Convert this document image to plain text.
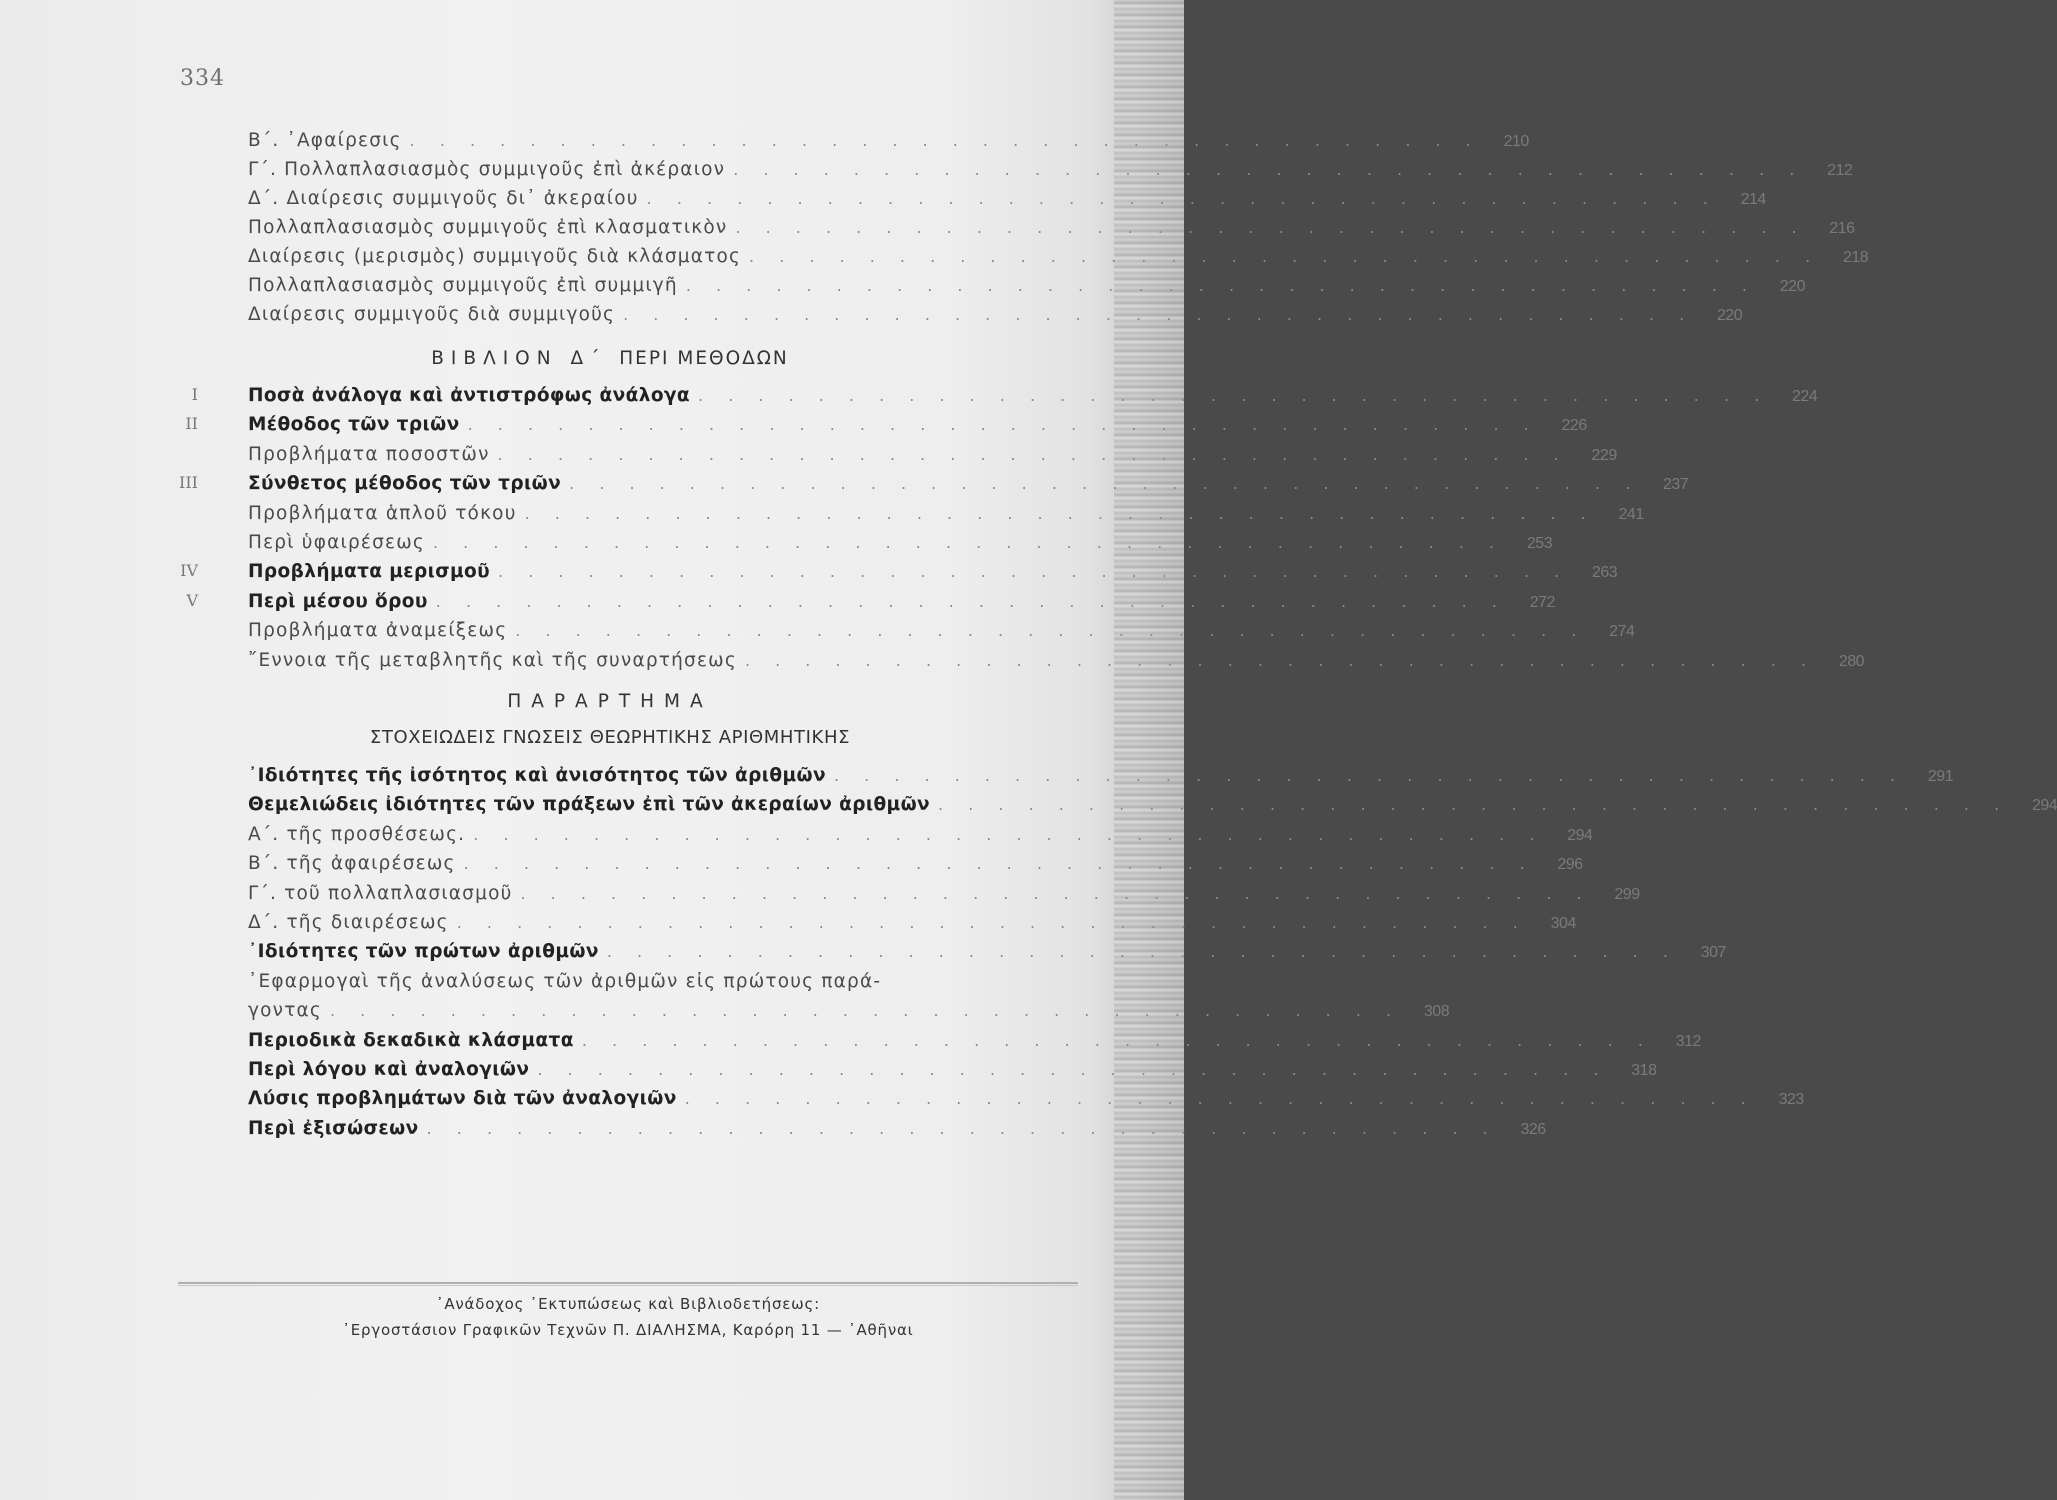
334
Β΄. ᾿Αφαίρεσις . . . . . . . . . . . . . . . . . . . . . . . . . . . . . . . . . . . .	210
Γ΄. Πολλαπλασιασμὸς συμμιγοῦς ἐπὶ ἀκέραιον . . . . . . . . . . . . . . . . . . . . . . . . . . . . . . . . . . . .	212
Δ΄. Διαίρεσις συμμιγοῦς δι᾿ ἀκεραίου . . . . . . . . . . . . . . . . . . . . . . . . . . . . . . . . . . . .	214
Πολλαπλασιασμὸς συμμιγοῦς ἐπὶ κλασματικὸν . . . . . . . . . . . . . . . . . . . . . . . . . . . . . . . . . . . .	216
Διαίρεσις (μερισμὸς) συμμιγοῦς διὰ κλάσματος . . . . . . . . . . . . . . . . . . . . . . . . . . . . . . . . . . . .	218
Πολλαπλασιασμὸς συμμιγοῦς ἐπὶ συμμιγῆ . . . . . . . . . . . . . . . . . . . . . . . . . . . . . . . . . . . .	220
Διαίρεσις συμμιγοῦς διὰ συμμιγοῦς . . . . . . . . . . . . . . . . . . . . . . . . . . . . . . . . . . . .	220
ΒΙΒΛΙΟΝ Δ΄ ΠΕΡΙ ΜΕΘΟΔΩΝ
I	Ποσὰ ἀνάλογα καὶ ἀντιστρόφως ἀνάλογα . . . . . . . . . . . . . . . . . . . . . . . . . . . . . . . . . . . .	224
II	Μέθοδος τῶν τριῶν . . . . . . . . . . . . . . . . . . . . . . . . . . . . . . . . . . . .	226
Προβλήματα ποσοστῶν . . . . . . . . . . . . . . . . . . . . . . . . . . . . . . . . . . . .	229
III	Σύνθετος μέθοδος τῶν τριῶν . . . . . . . . . . . . . . . . . . . . . . . . . . . . . . . . . . . .	237
Προβλήματα ἁπλοῦ τόκου . . . . . . . . . . . . . . . . . . . . . . . . . . . . . . . . . . . .	241
Περὶ ὑφαιρέσεως . . . . . . . . . . . . . . . . . . . . . . . . . . . . . . . . . . . .	253
IV	Προβλήματα μερισμοῦ . . . . . . . . . . . . . . . . . . . . . . . . . . . . . . . . . . . .	263
V	Περὶ μέσου ὅρου . . . . . . . . . . . . . . . . . . . . . . . . . . . . . . . . . . . .	272
Προβλήματα ἀναμείξεως . . . . . . . . . . . . . . . . . . . . . . . . . . . . . . . . . . . .	274
῎Εννοια τῆς μεταβλητῆς καὶ τῆς συναρτήσεως . . . . . . . . . . . . . . . . . . . . . . . . . . . . . . . . . . . .	280
ΠΑΡΑΡΤΗΜΑ
ΣΤΟΧΕΙΩΔΕΙΣ ΓΝΩΣΕΙΣ ΘΕΩΡΗΤΙΚΗΣ ΑΡΙΘΜΗΤΙΚΗΣ
᾿Ιδιότητες τῆς ἰσότητος καὶ ἀνισότητος τῶν ἀριθμῶν . . . . . . . . . . . . . . . . . . . . . . . . . . . . . . . . . . . .	291
Θεμελιώδεις ἰδιότητες τῶν πράξεων ἐπὶ τῶν ἀκεραίων ἀριθμῶν . . . . . . . . . . . . . . . . . . . . . . . . . . . . . . . . . . . .	294
Α΄. τῆς προσθέσεως. . . . . . . . . . . . . . . . . . . . . . . . . . . . . . . . . . . . .	294
Β΄. τῆς ἀφαιρέσεως . . . . . . . . . . . . . . . . . . . . . . . . . . . . . . . . . . . .	296
Γ΄. τοῦ πολλαπλασιασμοῦ . . . . . . . . . . . . . . . . . . . . . . . . . . . . . . . . . . . .	299
Δ΄. τῆς διαιρέσεως . . . . . . . . . . . . . . . . . . . . . . . . . . . . . . . . . . . .	304
᾿Ιδιότητες τῶν πρώτων ἀριθμῶν . . . . . . . . . . . . . . . . . . . . . . . . . . . . . . . . . . . .	307
᾿Εφαρμογαὶ τῆς ἀναλύσεως τῶν ἀριθμῶν εἰς πρώτους παρά-
γοντας . . . . . . . . . . . . . . . . . . . . . . . . . . . . . . . . . . . .	308
Περιοδικὰ δεκαδικὰ κλάσματα . . . . . . . . . . . . . . . . . . . . . . . . . . . . . . . . . . . .	312
Περὶ λόγου καὶ ἀναλογιῶν . . . . . . . . . . . . . . . . . . . . . . . . . . . . . . . . . . . .	318
Λύσις προβλημάτων διὰ τῶν ἀναλογιῶν . . . . . . . . . . . . . . . . . . . . . . . . . . . . . . . . . . . .	323
Περὶ ἐξισώσεων . . . . . . . . . . . . . . . . . . . . . . . . . . . . . . . . . . . .	326
᾿Ανάδοχος ᾿Εκτυπώσεως καὶ Βιβλιοδετήσεως:
᾿Εργοστάσιον Γραφικῶν Τεχνῶν Π. ΔΙΑΛΗΣΜΑ, Καρόρη 11 — ᾿Αθῆναι
